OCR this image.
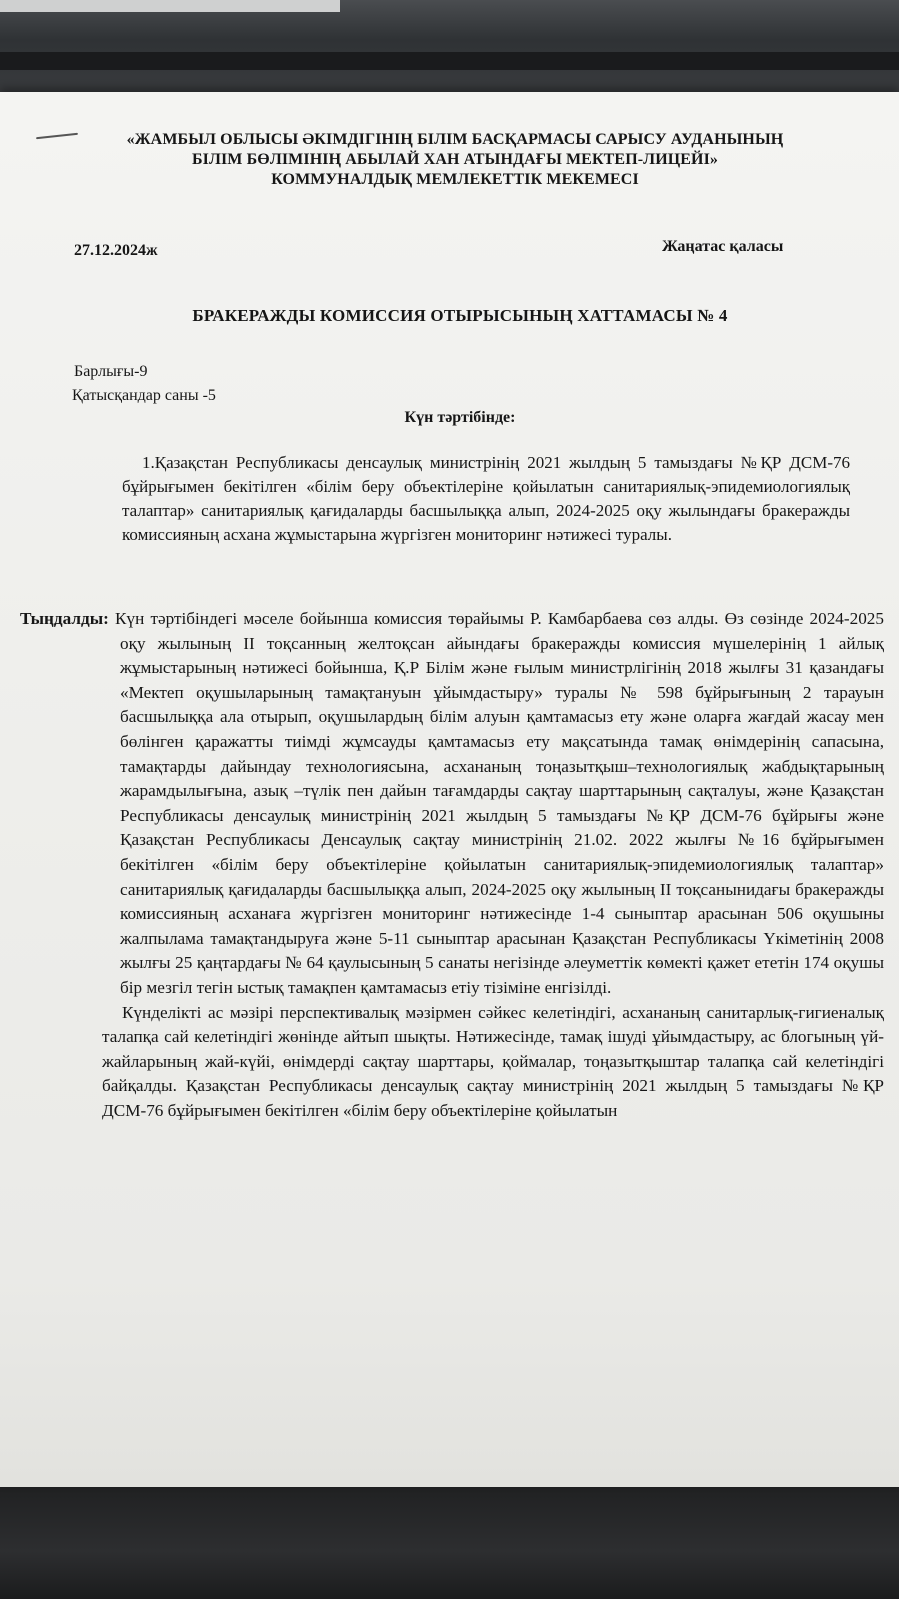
«ЖАМБЫЛ ОБЛЫСЫ ӘКІМДІГІНІҢ БІЛІМ БАСҚАРМАСЫ САРЫСУ АУДАНЫНЫҢ
БІЛІМ БӨЛІМІНІҢ АБЫЛАЙ ХАН АТЫНДАҒЫ МЕКТЕП-ЛИЦЕЙІ»
КОММУНАЛДЫҚ МЕМЛЕКЕТТІК МЕКЕМЕСІ
27.12.2024ж	Жаңатас қаласы
БРАКЕРАЖДЫ КОМИССИЯ ОТЫРЫСЫНЫҢ ХАТТАМАСЫ № 4
Барлығы-9
Қатысқандар саны -5
Күн тәртібінде:
1.Қазақстан Республикасы денсаулық министрінің 2021 жылдың 5 тамыздағы №ҚР ДСМ-76 бұйрығымен бекітілген «білім беру объектілеріне қойылатын санитариялық-эпидемиологиялық талаптар» санитариялық қағидаларды басшылыққа алып, 2024-2025 оқу жылындағы бракеражды комиссияның асхана жұмыстарына жүргізген мониторинг нәтижесі туралы.

Тыңдалды: Күн тәртібіндегі мәселе бойынша комиссия төрайымы Р. Камбарбаева сөз алды. Өз сөзінде 2024-2025 оқу жылының ІІ тоқсанның желтоқсан айындағы бракеражды комиссия мүшелерінің 1 айлық жұмыстарының нәтижесі бойынша, Қ.Р Білім және ғылым министрлігінің 2018 жылғы 31 қазандағы «Мектеп оқушыларының тамақтануын ұйымдастыру» туралы № 598 бұйрығының 2 тарауын басшылыққа ала отырып, оқушылардың білім алуын қамтамасыз ету және оларға жағдай жасау мен бөлінген қаражатты тиімді жұмсауды қамтамасыз ету мақсатында тамақ өнімдерінің сапасына, тамақтарды дайындау технологиясына, асхананың тоңазытқыш–технологиялық жабдықтарының жарамдылығына, азық –түлік пен дайын тағамдарды сақтау шарттарының сақталуы, және Қазақстан Республикасы денсаулық министрінің 2021 жылдың 5 тамыздағы №ҚР ДСМ-76 бұйрығы және Қазақстан Республикасы Денсаулық сақтау министрінің 21.02. 2022 жылғы №16 бұйрығымен бекітілген «білім беру объектілеріне қойылатын санитариялық-эпидемиологиялық талаптар» санитариялық қағидаларды басшылыққа алып, 2024-2025 оқу жылының ІІ тоқсанынидағы бракеражды комиссияның асханаға жүргізген мониторинг нәтижесінде 1-4 сыныптар арасынан 506 оқушыны жалпылама тамақтандыруға және 5-11 сыныптар арасынан Қазақстан Республикасы Үкіметінің 2008 жылғы 25 қаңтардағы № 64 қаулысының 5 санаты негізінде әлеуметтік көмекті қажет ететін 174 оқушы бір мезгіл тегін ыстық тамақпен қамтамасыз етіу тізіміне енгізілді.

Күнделікті ас мәзірі перспективалық мәзірмен сәйкес келетіндігі, асхананың санитарлық-гигиеналық талапқа сай келетіндігі жөнінде айтып шықты. Нәтижесінде, тамақ ішуді ұйымдастыру, ас блогының үй-жайларының жай-күйі, өнімдерді сақтау шарттары, қоймалар, тоңазытқыштар талапқа сай келетіндігі байқалды. Қазақстан Республикасы денсаулық сақтау министрінің 2021 жылдың 5 тамыздағы №ҚР ДСМ-76 бұйрығымен бекітілген «білім беру объектілеріне қойылатын
